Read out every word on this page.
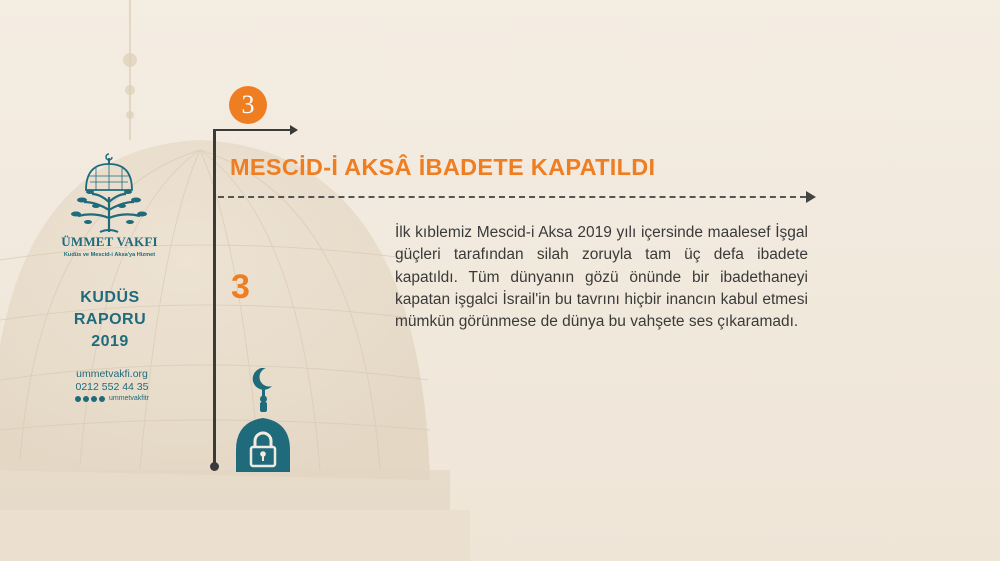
ÜMMET VAKFI
Kudüs ve Mescid-i Aksa'ya Hizmet
KUDÜS
RAPORU
2019
ummetvakfi.org
0212 552 44 35
ummetvakfitr
3
MESCİD-İ AKSÂ İBADETE KAPATILDI
3
İlk kıblemiz Mescid-i Aksa 2019 yılı içersinde maalesef İşgal güçleri tarafından silah zoruyla tam üç defa ibadete kapatıldı. Tüm dünyanın gözü önünde bir ibadethaneyi kapatan işgalci İsrail'in bu tavrını hiçbir inancın kabul etmesi mümkün görünmese de dünya bu vahşete ses çıkaramadı.
